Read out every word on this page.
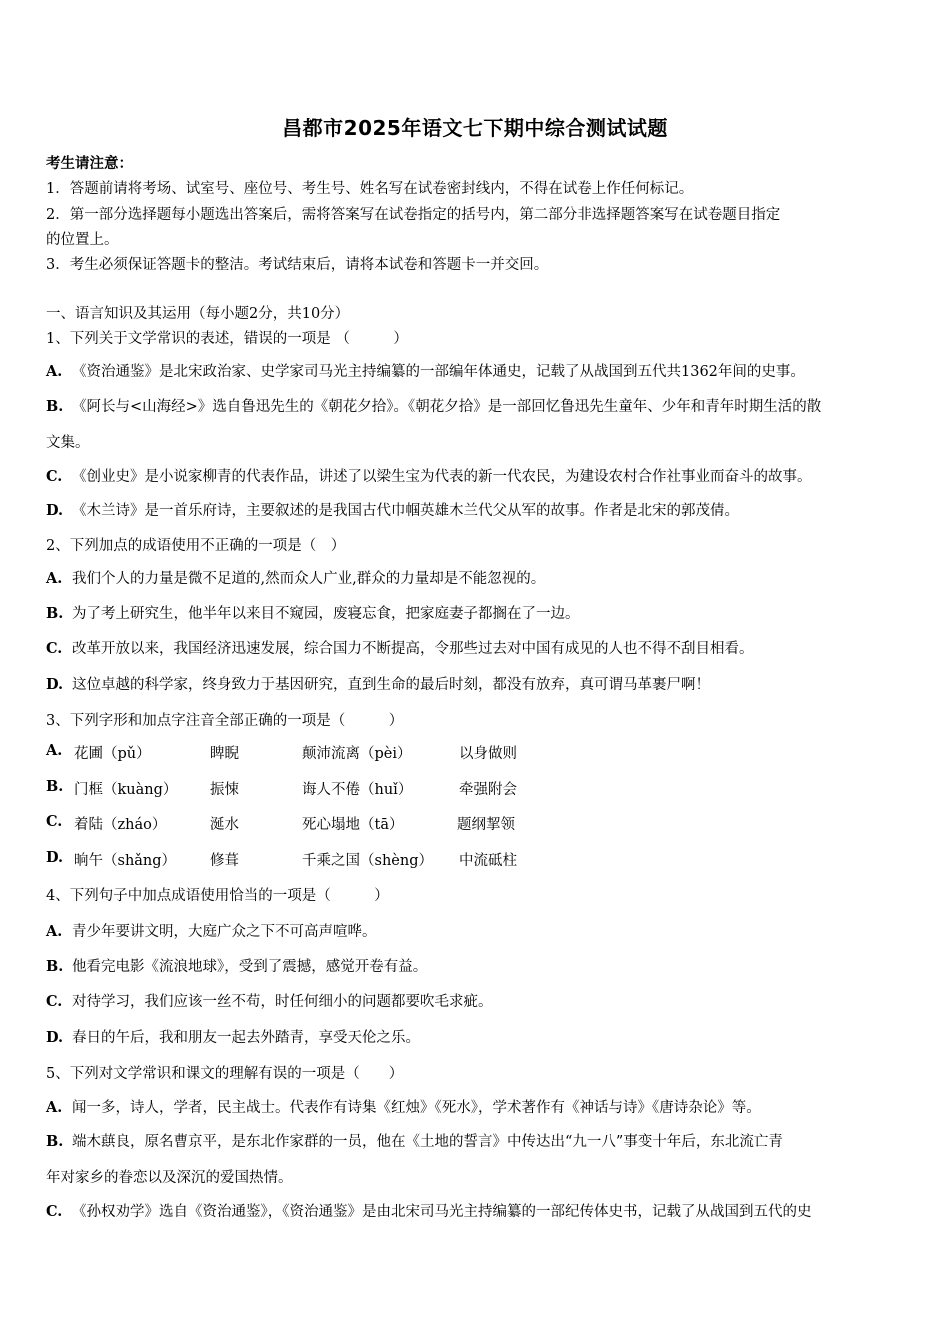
昌都市2025年语文七下期中综合测试试题
考生请注意：
1．答题前请将考场、试室号、座位号、考生号、姓名写在试卷密封线内，不得在试卷上作任何标记。
2．第一部分选择题每小题选出答案后，需将答案写在试卷指定的括号内，第二部分非选择题答案写在试卷题目指定
的位置上。
3．考生必须保证答题卡的整洁。考试结束后，请将本试卷和答题卡一并交回。
一、语言知识及其运用（每小题2分，共10分）
1、下列关于文学常识的表述，错误的一项是 （　　　）
A. 《资治通鉴》是北宋政治家、史学家司马光主持编纂的一部编年体通史，记载了从战国到五代共1362年间的史事。
B. 《阿长与<山海经>》选自鲁迅先生的《朝花夕拾》。《朝花夕拾》是一部回忆鲁迅先生童年、少年和青年时期生活的散
文集。
C. 《创业史》是小说家柳青的代表作品，讲述了以梁生宝为代表的新一代农民，为建设农村合作社事业而奋斗的故事。
D. 《木兰诗》是一首乐府诗，主要叙述的是我国古代巾帼英雄木兰代父从军的故事。作者是北宋的郭茂倩。
2、下列加点的成语使用不正确的一项是（　）
A. 我们个人的力量是微不足道的,然而众人广业,群众的力量却是不能忽视的。
B. 为了考上研究生，他半年以来目不窥园，废寝忘食，把家庭妻子都搁在了一边。
C. 改革开放以来，我国经济迅速发展，综合国力不断提高，令那些过去对中国有成见的人也不得不刮目相看。
D. 这位卓越的科学家，终身致力于基因研究，直到生命的最后时刻，都没有放弃，真可谓马革裹尸啊！
3、下列字形和加点字注音全部正确的一项是（　　　）
A. 花圃（pǔ）	睥睨	颠沛流离（pèi）	以身做则
B. 门框（kuàng） 振悚	诲人不倦（huǐ）	牵强附会
C. 着陆（zháo）	涎水	死心塌地（tā）	题纲挈领
D. 晌午（shǎng） 修葺	千乘之国（shèng） 中流砥柱
4、下列句子中加点成语使用恰当的一项是（　　　）
A. 青少年要讲文明，大庭广众之下不可高声喧哗。
B. 他看完电影《流浪地球》，受到了震撼，感觉开卷有益。
C. 对待学习，我们应该一丝不苟，时任何细小的问题都要吹毛求疵。
D. 春日的午后，我和朋友一起去外踏青，享受天伦之乐。
5、下列对文学常识和课文的理解有误的一项是（　　）
A. 闻一多，诗人，学者，民主战士。代表作有诗集《红烛》《死水》，学术著作有《神话与诗》《唐诗杂论》等。
B. 端木蕻良，原名曹京平，是东北作家群的一员，他在《土地的誓言》中传达出“九一八”事变十年后，东北流亡青
年对家乡的眷恋以及深沉的爱国热情。
C. 《孙权劝学》选自《资治通鉴》，《资治通鉴》是由北宋司马光主持编纂的一部纪传体史书，记载了从战国到五代的史
